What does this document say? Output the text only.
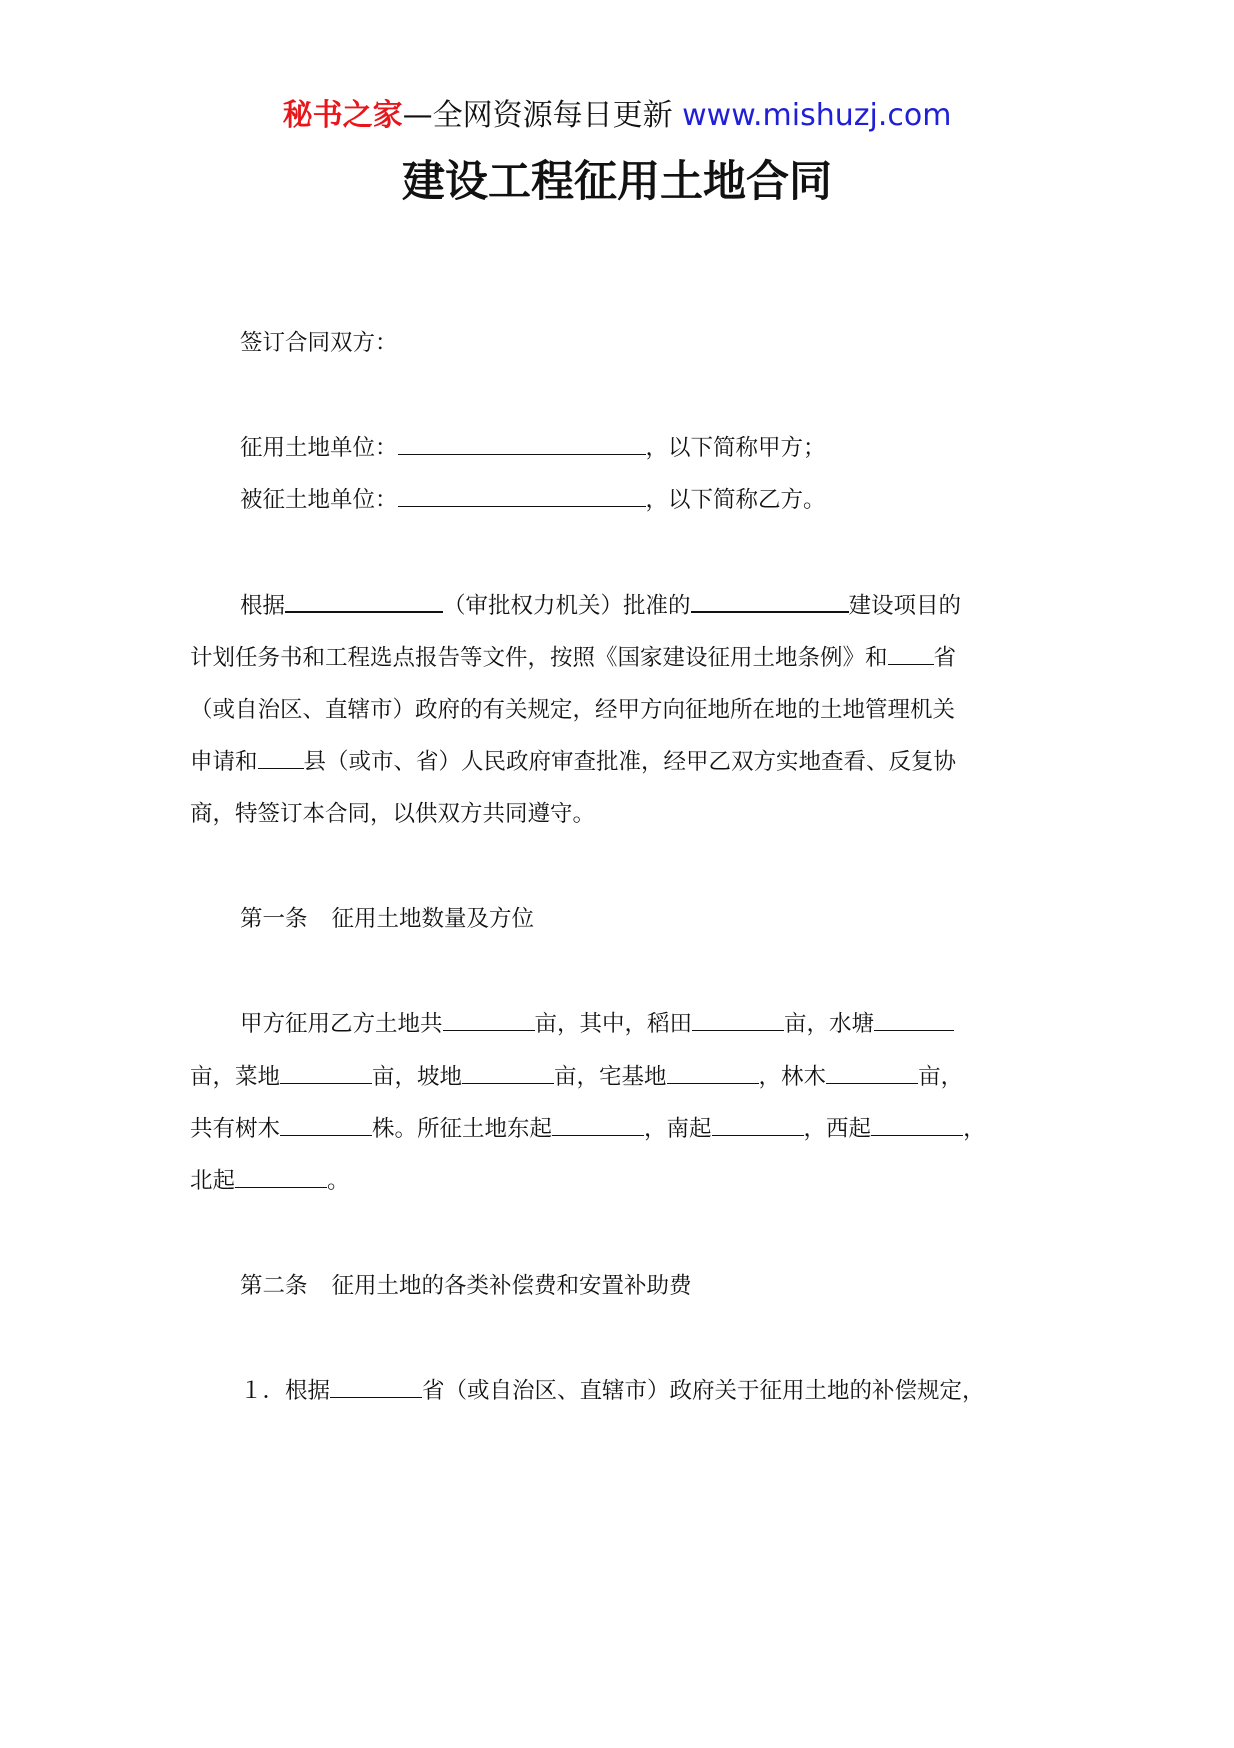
秘书之家—全网资源每日更新 www.mishuzj.com
建设工程征用土地合同
签订合同双方：
征用土地单位：	，以下简称甲方；
被征土地单位：	，以下简称乙方。
根据	（审批权力机关）批准的	建设项目的
计划任务书和工程选点报告等文件，按照《国家建设征用土地条例》和 省
（或自治区、直辖市）政府的有关规定，经甲方向征地所在地的土地管理机关
申请和 县（或市、省）人民政府审查批准，经甲乙双方实地查看、反复协
商，特签订本合同，以供双方共同遵守。
第一条 征用土地数量及方位
甲方征用乙方土地共	亩，其中，稻田	亩，水塘
亩，菜地	亩，坡地	亩，宅基地	，林木	亩，
共有树木	株。所征土地东起	，南起	，西起	，
北起	。
第二条 征用土地的各类补偿费和安置补助费
１．根据	省（或自治区、直辖市）政府关于征用土地的补偿规定，
